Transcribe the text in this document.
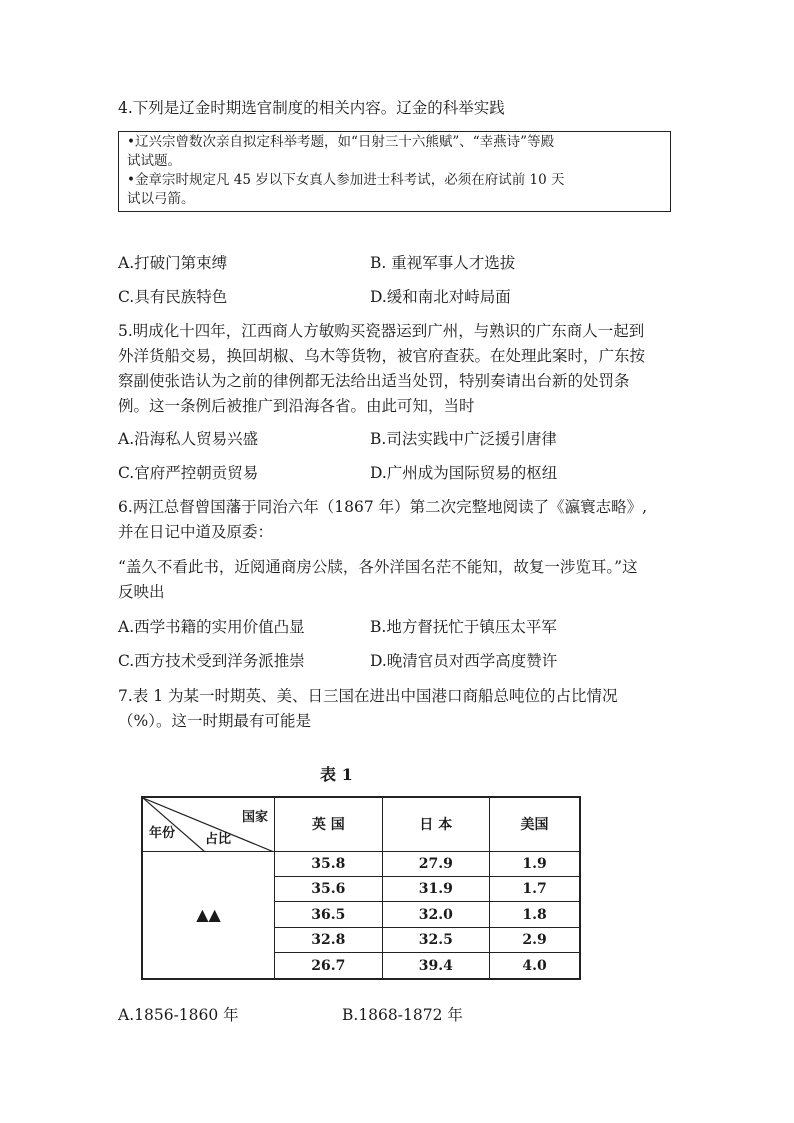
4.下列是辽金时期选官制度的相关内容。辽金的科举实践
•辽兴宗曾数次亲自拟定科举考题，如“日射三十六熊赋”、“幸燕诗”等殿
试试题。
•金章宗时规定凡 45 岁以下女真人参加进士科考试，必须在府试前 10 天
试以弓箭。
A.打破门第束缚	B. 重视军事人才选拔
C.具有民族特色	D.缓和南北对峙局面
5.明成化十四年，江西商人方敏购买瓷器运到广州，与熟识的广东商人一起到
外洋货船交易，换回胡椒、乌木等货物，被官府查获。在处理此案时，广东按
察副使张诰认为之前的律例都无法给出适当处罚，特别奏请出台新的处罚条
例。这一条例后被推广到沿海各省。由此可知，当时
A.沿海私人贸易兴盛	B.司法实践中广泛援引唐律
C.官府严控朝贡贸易	D.广州成为国际贸易的枢纽
6.两江总督曾国藩于同治六年（1867 年）第二次完整地阅读了《瀛寰志略》,
并在日记中道及原委：
“盖久不看此书，近阅通商房公牍，各外洋国名茫不能知，故复一涉览耳。”这
反映出
A.西学书籍的实用价值凸显	B.地方督抚忙于镇压太平军
C.西方技术受到洋务派推崇	D.晚清官员对西学高度赞许
7.表 1 为某一时期英、美、日三国在进出中国港口商船总吨位的占比情况
（%）。这一时期最有可能是
表 1
国家
占比
年份	英 国	日 本	美国
▲▲	35.8	27.9	1.9
	35.6	31.9	1.7
	36.5	32.0	1.8
	32.8	32.5	2.9
	26.7	39.4	4.0
A.1856-1860 年	B.1868-1872 年
